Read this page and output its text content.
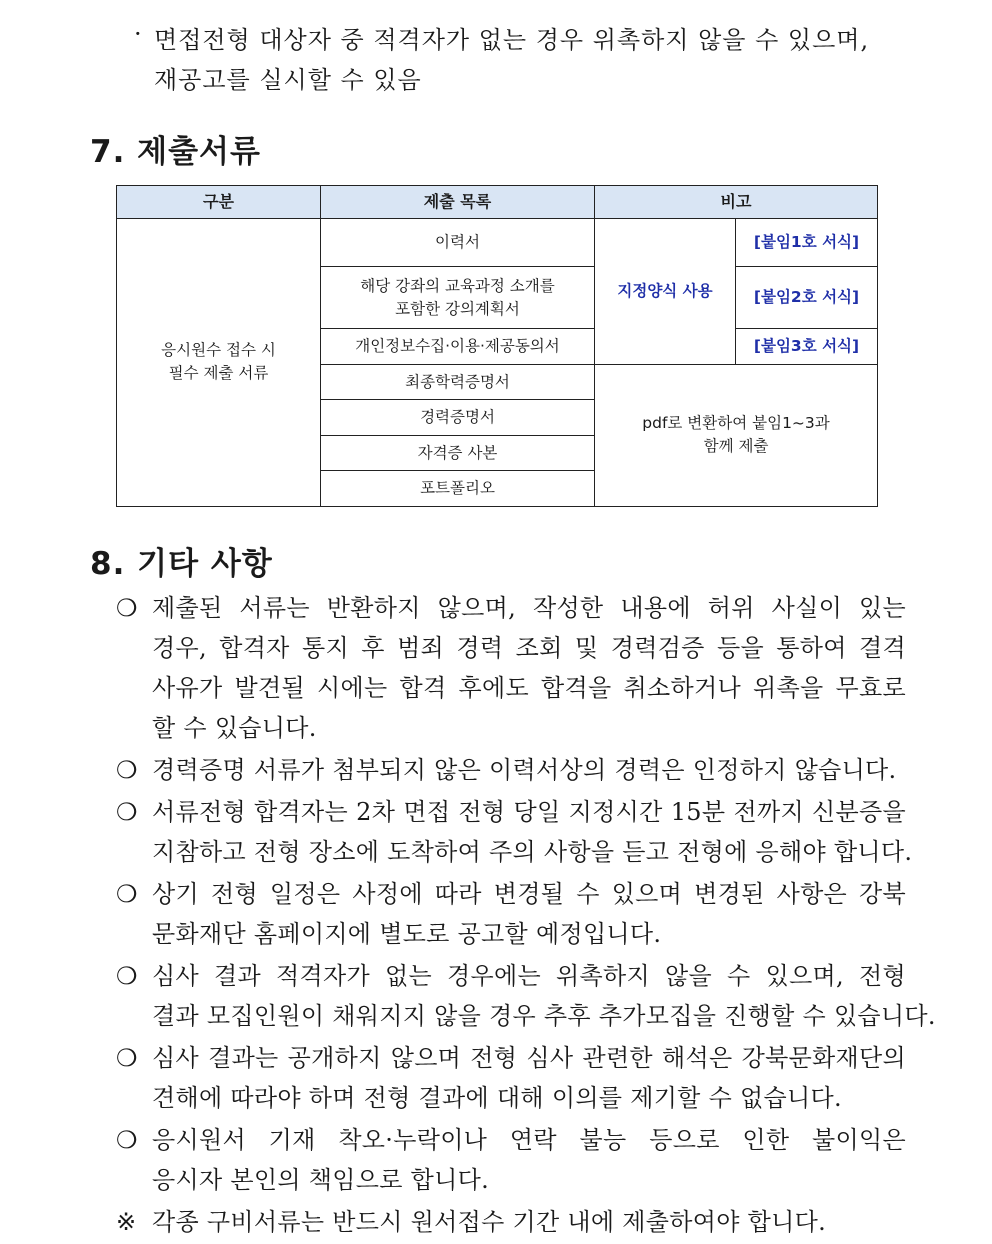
· 면접전형 대상자 중 적격자가 없는 경우 위촉하지 않을 수 있으며,
재공고를 실시할 수 있음
7. 제출서류
구분	제출 목록	비고	

응시원수 접수 시
필수 제출 서류	이력서	지정양식 사용	[붙임1호 서식]

	해당 강좌의 교육과정 소개를
포함한 강의계획서		[붙임2호 서식]
	개인정보수집·이용·제공동의서		[붙임3호 서식]
	최종학력증명서	pdf로 변환하여 붙임1~3과
함께 제출	

	경력증명서		
	자격증 사본		
	포트폴리오		
8. 기타 사항
❍ 제출된 서류는 반환하지 않으며, 작성한 내용에 허위 사실이 있는
경우, 합격자 통지 후 범죄 경력 조회 및 경력검증 등을 통하여 결격
사유가 발견될 시에는 합격 후에도 합격을 취소하거나 위촉을 무효로
할 수 있습니다.
❍ 경력증명 서류가 첨부되지 않은 이력서상의 경력은 인정하지 않습니다.
❍ 서류전형 합격자는 2차 면접 전형 당일 지정시간 15분 전까지 신분증을
지참하고 전형 장소에 도착하여 주의 사항을 듣고 전형에 응해야 합니다.
❍ 상기 전형 일정은 사정에 따라 변경될 수 있으며 변경된 사항은 강북
문화재단 홈페이지에 별도로 공고할 예정입니다.
❍ 심사 결과 적격자가 없는 경우에는 위촉하지 않을 수 있으며, 전형
결과 모집인원이 채워지지 않을 경우 추후 추가모집을 진행할 수 있습니다.
❍ 심사 결과는 공개하지 않으며 전형 심사 관련한 해석은 강북문화재단의
견해에 따라야 하며 전형 결과에 대해 이의를 제기할 수 없습니다.
❍ 응시원서 기재 착오·누락이나 연락 불능 등으로 인한 불이익은
응시자 본인의 책임으로 합니다.
※ 각종 구비서류는 반드시 원서접수 기간 내에 제출하여야 합니다.
